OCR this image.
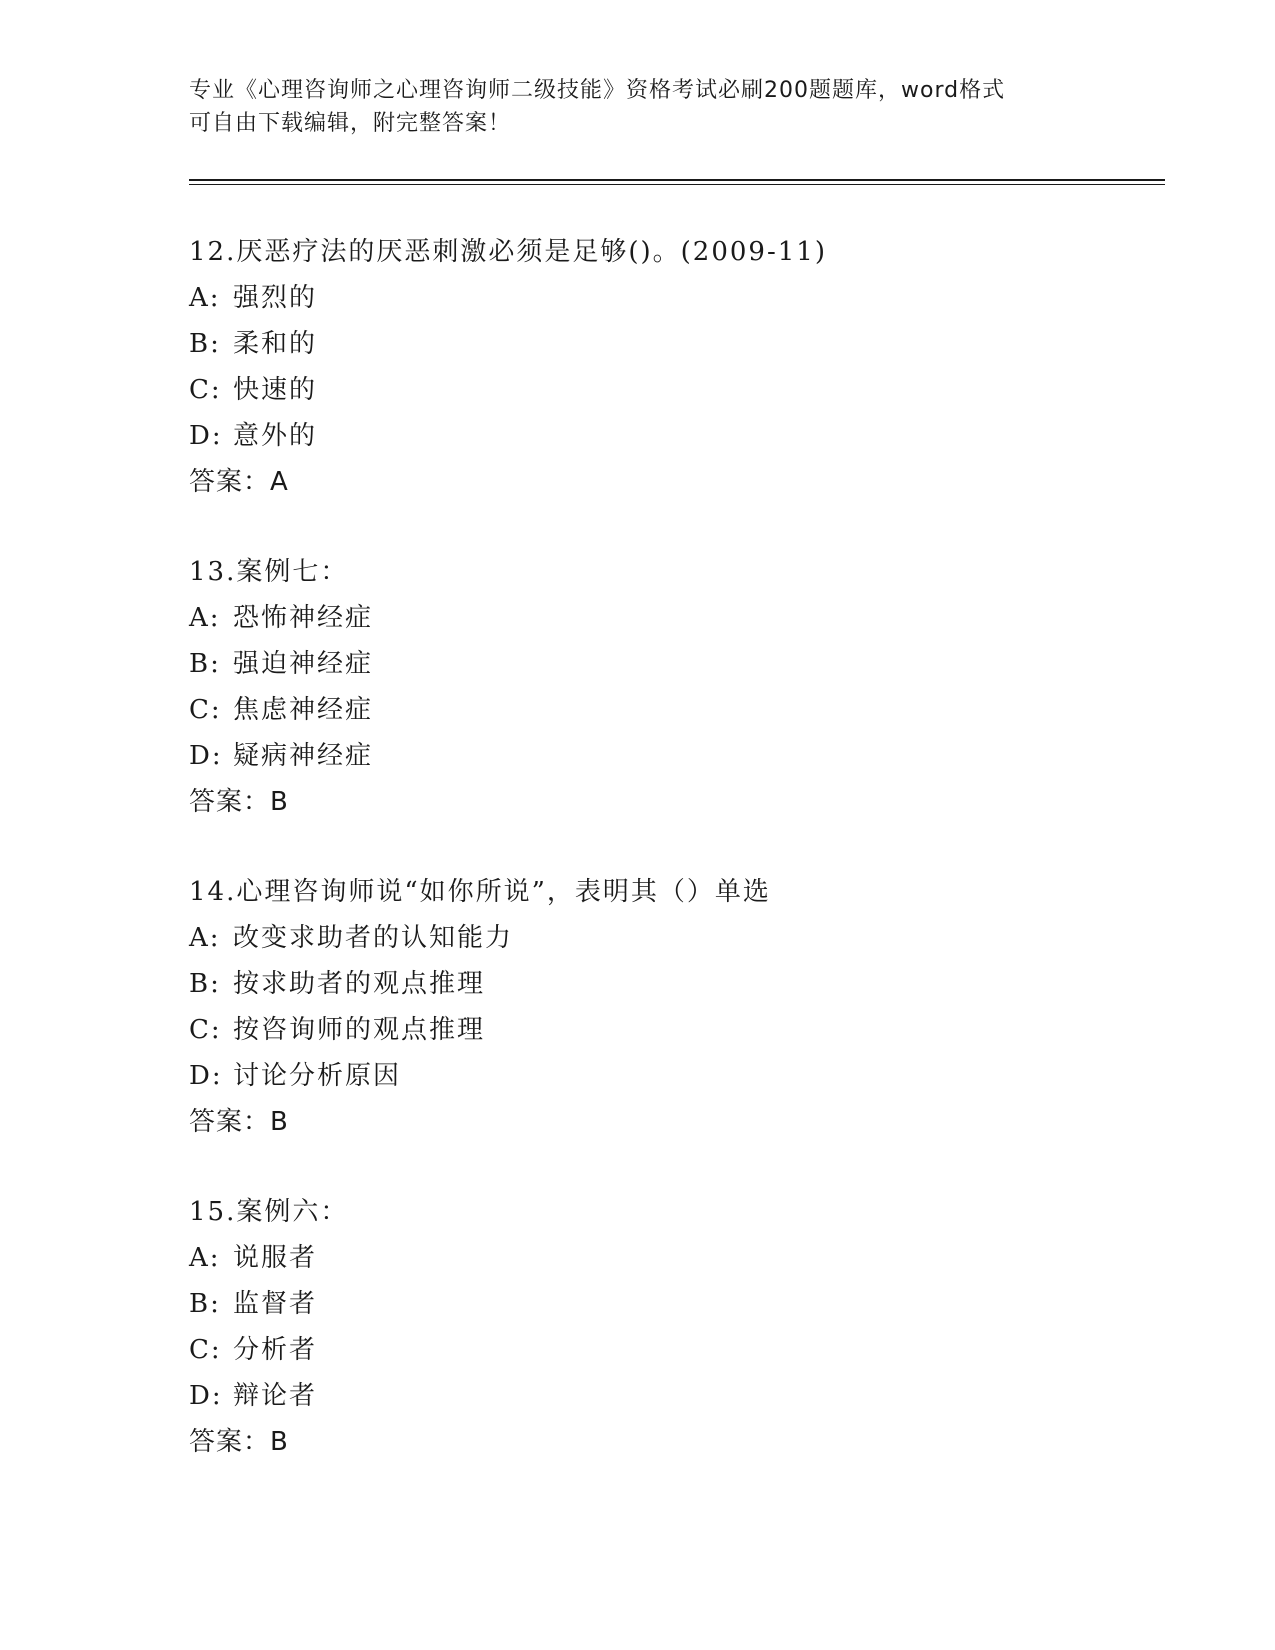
专业《心理咨询师之心理咨询师二级技能》资格考试必刷200题题库，word格式
可自由下载编辑，附完整答案！
12.厌恶疗法的厌恶刺激必须是足够()。(2009-11)
A: 强烈的
B: 柔和的
C: 快速的
D: 意外的
答案：A
13.案例七：
A: 恐怖神经症
B: 强迫神经症
C: 焦虑神经症
D: 疑病神经症
答案：B
14.心理咨询师说“如你所说”，表明其（）单选
A: 改变求助者的认知能力
B: 按求助者的观点推理
C: 按咨询师的观点推理
D: 讨论分析原因
答案：B
15.案例六：
A: 说服者
B: 监督者
C: 分析者
D: 辩论者
答案：B
